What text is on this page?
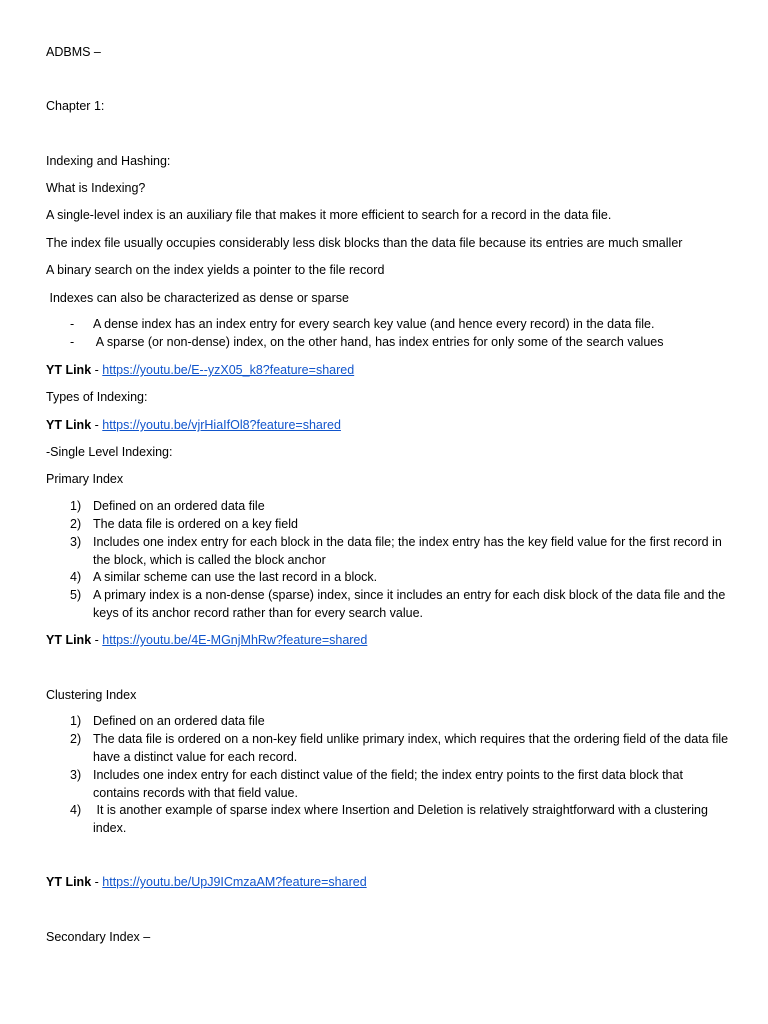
ADBMS –
Chapter 1:
Indexing and Hashing:
What is Indexing?
A single-level index is an auxiliary file that makes it more efficient to search for a record in the data file.
The index file usually occupies considerably less disk blocks than the data file because its entries are much smaller
A binary search on the index yields a pointer to the file record
Indexes can also be characterized as dense or sparse
- A dense index has an index entry for every search key value (and hence every record) in the data file.
- A sparse (or non-dense) index, on the other hand, has index entries for only some of the search values
YT Link - https://youtu.be/E--yzX05_k8?feature=shared
Types of Indexing:
YT Link - https://youtu.be/vjrHiaIfOl8?feature=shared
-Single Level Indexing:
Primary Index
1) Defined on an ordered data file
2) The data file is ordered on a key field
3) Includes one index entry for each block in the data file; the index entry has the key field value for the first record in the block, which is called the block anchor
4) A similar scheme can use the last record in a block.
5) A primary index is a non-dense (sparse) index, since it includes an entry for each disk block of the data file and the keys of its anchor record rather than for every search value.
YT Link - https://youtu.be/4E-MGnjMhRw?feature=shared
Clustering Index
1) Defined on an ordered data file
2) The data file is ordered on a non-key field unlike primary index, which requires that the ordering field of the data file have a distinct value for each record.
3) Includes one index entry for each distinct value of the field; the index entry points to the first data block that contains records with that field value.
4) It is another example of sparse index where Insertion and Deletion is relatively straightforward with a clustering index.
YT Link - https://youtu.be/UpJ9ICmzaAM?feature=shared
Secondary Index –
